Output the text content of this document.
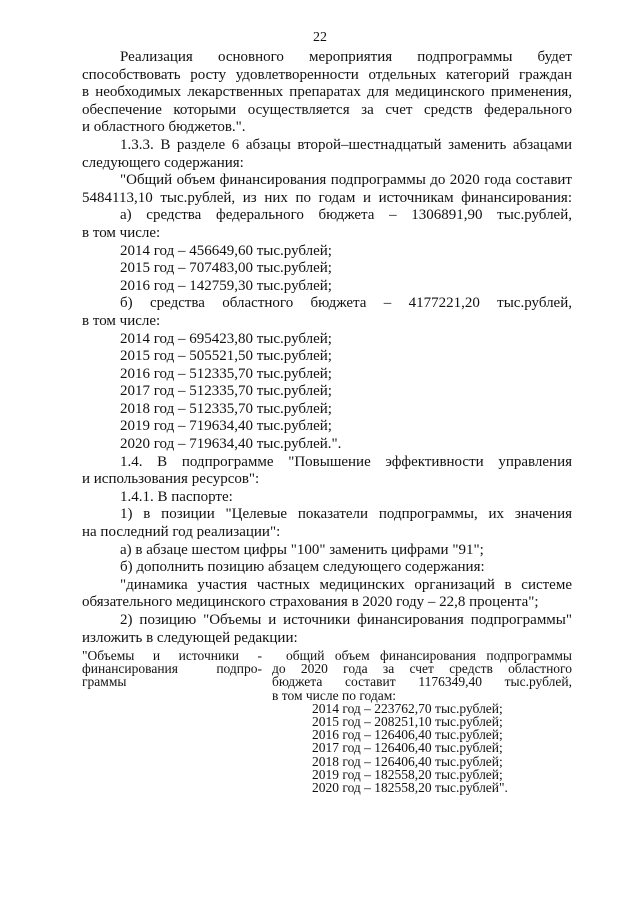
22

Реализация основного мероприятия подпрограммы будет

способствовать росту удовлетворенности отдельных категорий граждан

в необходимых лекарственных препаратах для медицинского применения,

обеспечение которыми осуществляется за счет средств федерального

и областного бюджетов.".

1.3.3. В разделе 6 абзацы второй–шестнадцатый заменить абзацами

следующего содержания:

"Общий объем финансирования подпрограммы до 2020 года составит

5484113,10 тыс.рублей, из них по годам и источникам финансирования:

а) средства федерального бюджета – 1306891,90 тыс.рублей,

в том числе:

2014 год – 456649,60 тыс.рублей;

2015 год – 707483,00 тыс.рублей;

2016 год – 142759,30 тыс.рублей;

б) средства областного бюджета – 4177221,20 тыс.рублей,

в том числе:

2014 год – 695423,80 тыс.рублей;

2015 год – 505521,50 тыс.рублей;

2016 год – 512335,70 тыс.рублей;

2017 год – 512335,70 тыс.рублей;

2018 год – 512335,70 тыс.рублей;

2019 год – 719634,40 тыс.рублей;

2020 год – 719634,40 тыс.рублей.".

1.4. В подпрограмме "Повышение эффективности управления

и использования ресурсов":

1.4.1. В паспорте:

1) в позиции "Целевые показатели подпрограммы, их значения

на последний год реализации":

а) в абзаце шестом цифры "100" заменить цифрами "91";

б) дополнить позицию абзацем следующего содержания:

"динамика участия частных медицинских организаций в системе

обязательного медицинского страхования в 2020 году – 22,8 процента";

2) позицию "Объемы и источники финансирования подпрограммы"

изложить в следующей редакции:

"Объемы и источники -

финансирования подпро-

граммы

общий объем финансирования подпрограммы

до 2020 года за счет средств областного

бюджета составит 1176349,40 тыс.рублей,

в том числе по годам:

2014 год – 223762,70 тыс.рублей;

2015 год – 208251,10 тыс.рублей;

2016 год – 126406,40 тыс.рублей;

2017 год – 126406,40 тыс.рублей;

2018 год – 126406,40 тыс.рублей;

2019 год – 182558,20 тыс.рублей;

2020 год – 182558,20 тыс.рублей".
